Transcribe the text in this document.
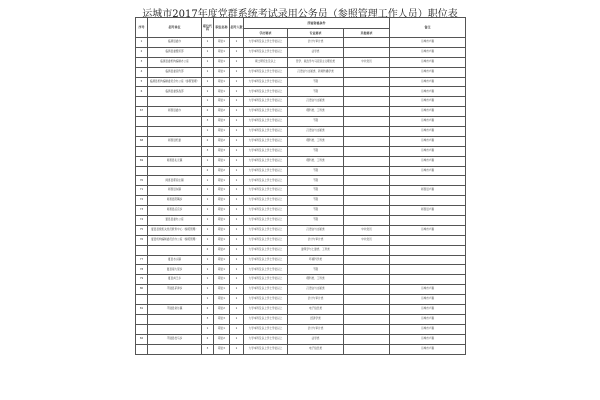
运城市2017年度党群系统考试录用公务员（参照管理工作人员）职位表
序号	招考单位	职位代码	职位名称	招考人数	所需资格条件			备注
					学历要求	专业要求	其他要求	
1	临猗县委办	1	职位1	1	大学本科及以上学士学位以上	会计与审计类		运城市户籍
2	临猗县委组织部	1	职位1	1	大学本科及以上学士学位以上	法学类		运城市户籍
3	临猗县委机构编制办公室	1	职位1	1	硕士研究生及以上	哲学、政治学与马克思主义理论类	中共党员	运城市户籍
4	临猗县委宣传部	1	职位1	1	大学本科及以上学士学位以上	汉语言与文秘类、新闻传播学类		运城市户籍
5	临猗县机构编制委员会办公室（参照管理）	1	职位1	1	大学本科及以上学士学位以上	不限		运城市户籍
6	临猗县委统战部	1	职位1	1	大学本科及以上学士学位以上	不限		运城市户籍
		1	职位1	1	大学本科及以上学士学位以上	汉语言与文秘类		运城市户籍
67	闻喜县委办	2	职位2	1	大学本科及以上学士学位以上	理科类、工科类		运城市户籍
		3	职位3	1	大学本科及以上学士学位以上	不限		运城市户籍
		1	职位1	1	大学本科及以上学士学位以上	汉语言与文秘类		运城市户籍
68	闻喜县纪委	2	职位2	1	大学本科及以上学士学位以上	理科类、工科类		运城市户籍
		3	职位3	1	大学本科及以上学士学位以上	不限		运城市户籍
69	闻喜县礼元镇	1	职位1	1	大学本科及以上学士学位以上	理科类、工科类		运城市户籍
		2	职位2	1	大学本科及以上学士学位以上	不限		运城市户籍
70	闻喜县郭家庄镇	1	职位1	1	大学本科及以上学士学位以上	不限		
71	闻喜县东镇	1	职位1	1	大学本科及以上学士学位以上	不限		闻喜县户籍
72	闻喜县阳隅乡	1	职位1	1	大学本科及以上学士学位以上	不限		
73	闻喜县后宫乡	1	职位1	1	大学本科及以上学士学位以上	不限		闻喜县户籍
74	夏县县委办公室	1	职位1	1	大学本科及以上学士学位以上	不限		
75	夏县县级机关党员教育中心（参照管理）	1	职位1	1	大学本科及以上学士学位以上	汉语言与文秘类	中共党员	运城市户籍
76	夏县机构编制委员会办公室（参照管理）	1	职位1	1	大学本科及以上学士学位以上	会计与审计类	中共党员	
		2	职位2	1	大学本科及以上学士学位以上	建筑学与土建类、工科类		
77	夏县水头镇	1	职位1	1	大学本科及以上学士学位以上	环境科学类		
78	夏县南大里乡	1	职位1	1	大学本科及以上学士学位以上	不限		
79	夏县禹王乡	1	职位1	1	大学本科及以上学士学位以上	理科类、工科类		
80	平陆县茅津乡	1	职位1	1	大学本科及以上学士学位以上	汉语言与文秘类		运城市户籍
		1	职位1	1	大学本科及以上学士学位以上	会计与审计类		运城市户籍
81	平陆县常乐镇	2	职位2	1	大学本科及以上学士学位以上	电子信息类		运城市户籍
		3	职位3	1	大学本科及以上学士学位以上	经济学类		运城市户籍
		1	职位1	1	大学本科及以上学士学位以上	会计与审计类		运城市户籍
82	平陆县杜马乡	2	职位2	1	大学本科及以上学士学位以上	法学类		运城市户籍
		3	职位3	1	大学本科及以上学士学位以上	电子信息类		运城市户籍
